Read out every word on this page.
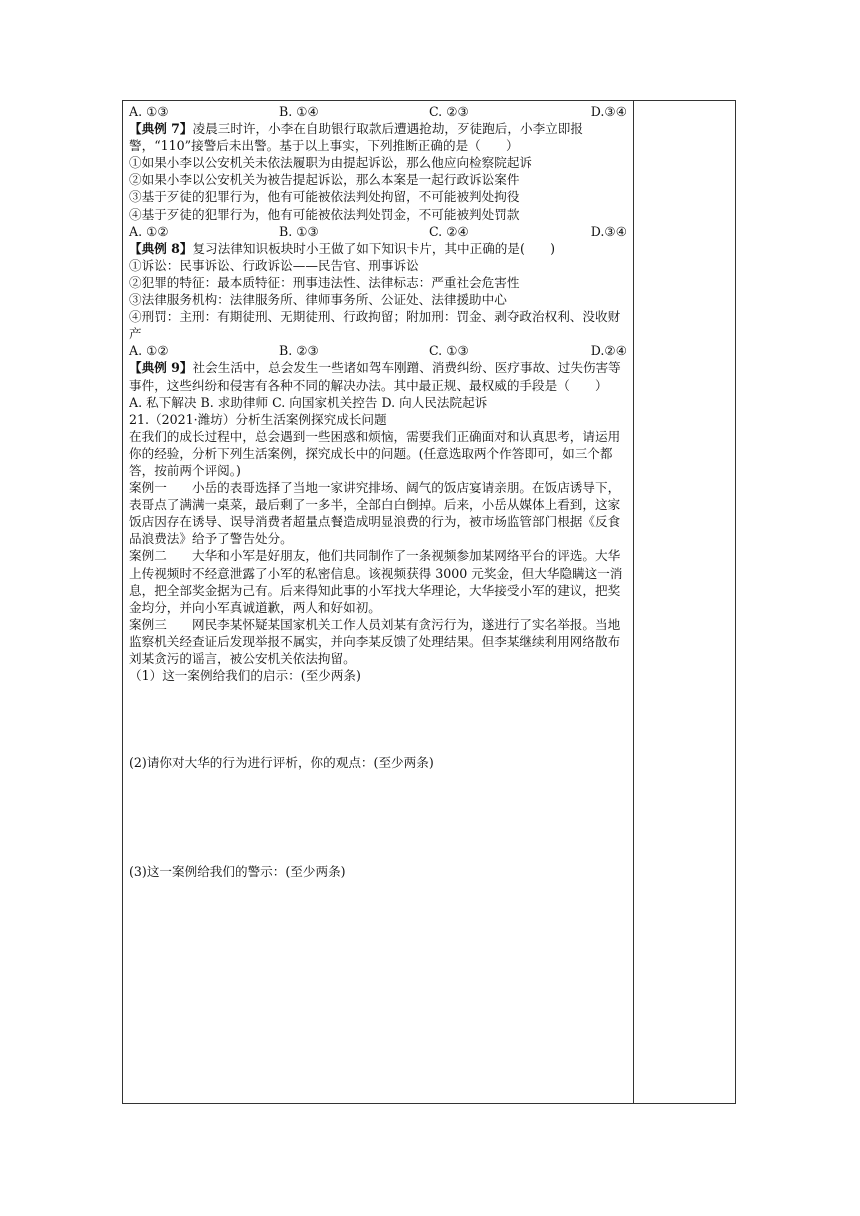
A. ①③	B. ①④	C. ②③	D.③④
【典例 7】凌晨三时许，小李在自助银行取款后遭遇抢劫，歹徒跑后，小李立即报警，“110”接警后未出警。基于以上事实，下列推断正确的是（　　）
①如果小李以公安机关未依法履职为由提起诉讼，那么他应向检察院起诉
②如果小李以公安机关为被告提起诉讼，那么本案是一起行政诉讼案件
③基于歹徒的犯罪行为，他有可能被依法判处拘留，不可能被判处拘役
④基于歹徒的犯罪行为，他有可能被依法判处罚金，不可能被判处罚款
A. ①②	B. ①③	C. ②④	D.③④
【典例 8】复习法律知识板块时小王做了如下知识卡片，其中正确的是(　　)
①诉讼：民事诉讼、行政诉讼——民告官、刑事诉讼
②犯罪的特征：最本质特征：刑事违法性、法律标志：严重社会危害性
③法律服务机构：法律服务所、律师事务所、公证处、法律援助中心
④刑罚：主刑：有期徒刑、无期徒刑、行政拘留；附加刑：罚金、剥夺政治权利、没收财产
A. ①②	B. ②③	C. ①③	D.②④
【典例 9】社会生活中，总会发生一些诸如驾车刚蹭、消费纠纷、医疗事故、过失伤害等事件，这些纠纷和侵害有各种不同的解决办法。其中最正规、最权威的手段是（　　）
A. 私下解决 B. 求助律师 C. 向国家机关控告 D. 向人民法院起诉
21.（2021·潍坊）分析生活案例探究成长问题
在我们的成长过程中，总会遇到一些困惑和烦恼，需要我们正确面对和认真思考，请运用你的经验，分析下列生活案例，探究成长中的问题。(任意选取两个作答即可，如三个都答，按前两个评阅。)
案例一　　小岳的表哥选择了当地一家讲究排场、阔气的饭店宴请亲朋。在饭店诱导下，表哥点了满满一桌菜，最后剩了一多半，全部白白倒掉。后来，小岳从媒体上看到，这家饭店因存在诱导、误导消费者超量点餐造成明显浪费的行为，被市场监管部门根据《反食品浪费法》给予了警告处分。
案例二　　大华和小军是好朋友，他们共同制作了一条视频参加某网络平台的评选。大华上传视频时不经意泄露了小军的私密信息。该视频获得 3000 元奖金，但大华隐瞒这一消息，把全部奖金据为己有。后来得知此事的小军找大华理论，大华接受小军的建议，把奖金均分，并向小军真诚道歉，两人和好如初。
案例三　　网民李某怀疑某国家机关工作人员刘某有贪污行为，遂进行了实名举报。当地监察机关经查证后发现举报不属实，并向李某反馈了处理结果。但李某继续利用网络散布刘某贪污的谣言，被公安机关依法拘留。
（1）这一案例给我们的启示：(至少两条)
(2)请你对大华的行为进行评析，你的观点：(至少两条)
(3)这一案例给我们的警示：(至少两条)
